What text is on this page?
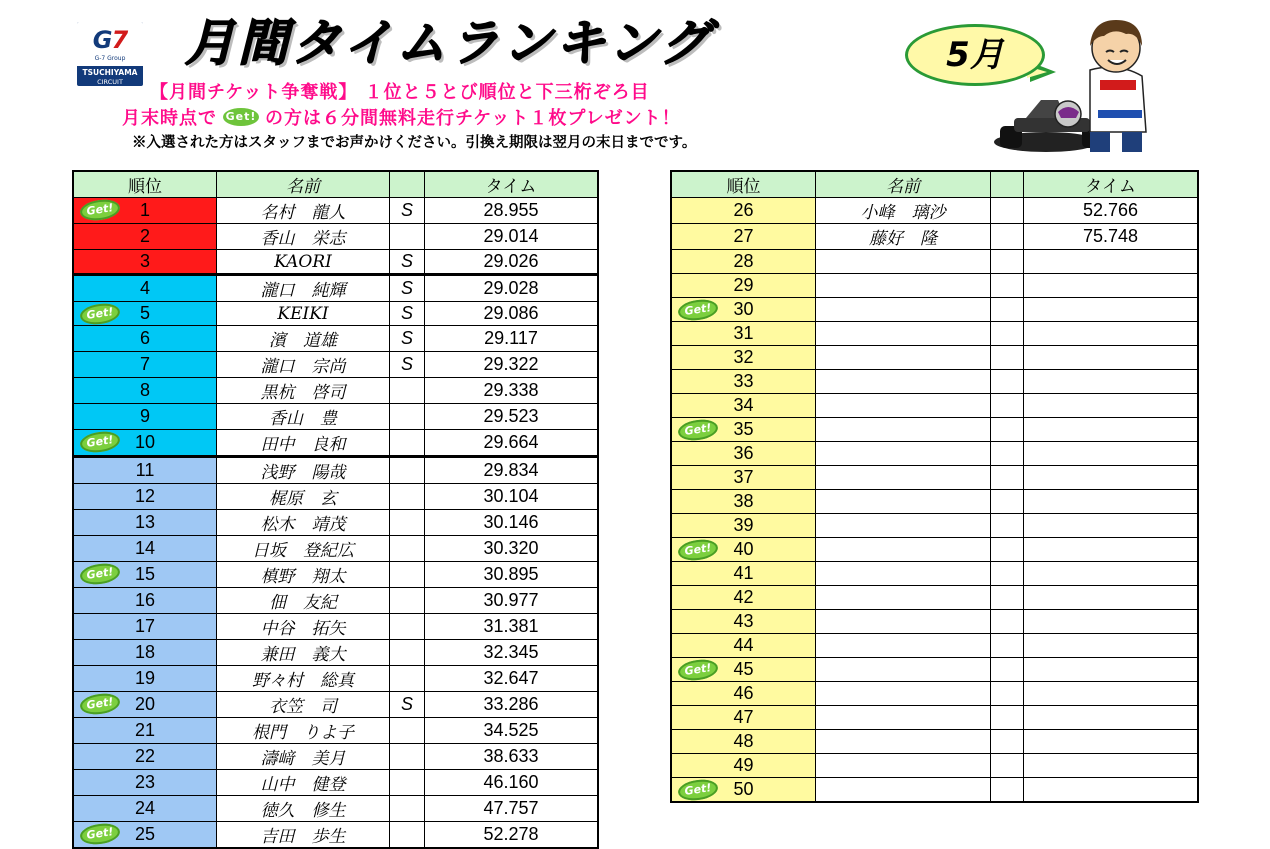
G7
G-7 Group
TSUCHIYAMA
CIRCUIT
月間タイムランキング	5月
【月間チケット争奪戦】 １位と５とび順位と下三桁ぞろ目
月末時点で Get! の方は６分間無料走行チケット１枚プレゼント！
※入選された方はスタッフまでお声かけください。引換え期限は翌月の末日までです。
順位	名前		タイム

Get! 1	名村　龍人	S	28.955
2	香山　栄志		29.014
3	KAORI	S	29.026
4	瀧口　純輝	S	29.028

Get! 5	KEIKI	S	29.086
6	濱　道雄	S	29.117
7	瀧口　宗尚	S	29.322
8	黒杭　啓司		29.338
9	香山　豊		29.523

Get! 10	田中　良和		29.664
11	浅野　陽哉		29.834
12	梶原　玄		30.104
13	松木　靖茂		30.146
14	日坂　登紀広		30.320

Get! 15	槙野　翔太		30.895
16	佃　友紀		30.977
17	中谷　拓矢		31.381
18	兼田　義大		32.345
19	野々村　総真		32.647

Get! 20	衣笠　司	S	33.286
21	根門　りよ子		34.525
22	濤﨑　美月		38.633
23	山中　健登		46.160
24	徳久　修生		47.757

Get! 25	吉田　歩生		52.278
順位	名前		タイム
26	小峰　璃沙		52.766
27	藤好　隆		75.748
28			
29			

Get! 30			
31			
32			
33			
34			

Get! 35			
36			
37			
38			
39			

Get! 40			
41			
42			
43			
44			

Get! 45			
46			
47			
48			
49			

Get! 50			
